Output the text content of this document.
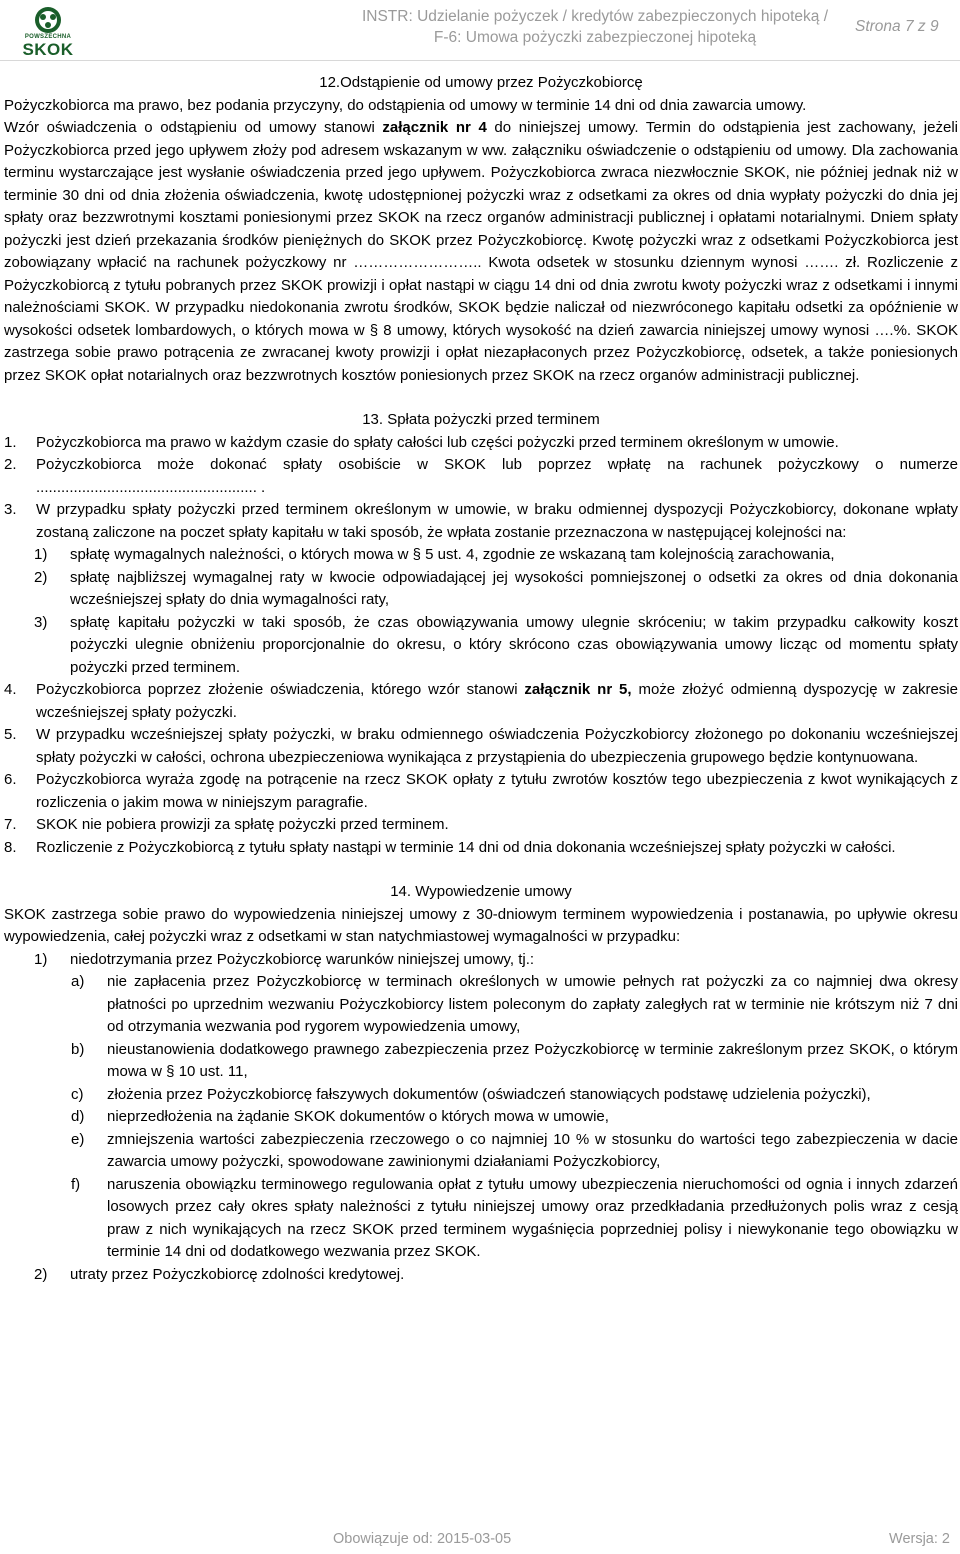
POWSZECHNA
SKOK
INSTR: Udzielanie pożyczek / kredytów zabezpieczonych hipoteką /
F-6: Umowa pożyczki zabezpieczonej hipoteką
Strona 7 z 9

12.Odstąpienie od umowy przez Pożyczkobiorcę

Pożyczkobiorca ma prawo, bez podania przyczyny, do odstąpienia od umowy w terminie 14 dni od dnia zawarcia umowy.

Wzór oświadczenia o odstąpieniu od umowy stanowi załącznik nr 4 do niniejszej umowy. Termin do odstąpienia jest zachowany, jeżeli Pożyczkobiorca przed jego upływem złoży pod adresem wskazanym w ww. załączniku oświadczenie o odstąpieniu od umowy. Dla zachowania terminu wystarczające jest wysłanie oświadczenia przed jego upływem. Pożyczkobiorca zwraca niezwłocznie SKOK, nie później jednak niż w terminie 30 dni od dnia złożenia oświadczenia, kwotę udostępnionej pożyczki wraz z odsetkami za okres od dnia wypłaty pożyczki do dnia jej spłaty oraz bezzwrotnymi kosztami poniesionymi przez SKOK na rzecz organów administracji publicznej i opłatami notarialnymi. Dniem spłaty pożyczki jest dzień przekazania środków pieniężnych do SKOK przez Pożyczkobiorcę. Kwotę pożyczki wraz z odsetkami Pożyczkobiorca jest zobowiązany wpłacić na rachunek pożyczkowy nr …………………….. Kwota odsetek w stosunku dziennym wynosi ……. zł. Rozliczenie z Pożyczkobiorcą z tytułu pobranych przez SKOK prowizji i opłat nastąpi w ciągu 14 dni od dnia zwrotu kwoty pożyczki wraz z odsetkami i innymi należnościami SKOK. W przypadku niedokonania zwrotu środków, SKOK będzie naliczał od niezwróconego kapitału odsetki za opóźnienie w wysokości odsetek lombardowych, o których mowa w § 8 umowy, których wysokość na dzień zawarcia niniejszej umowy wynosi ….%. SKOK zastrzega sobie prawo potrącenia ze zwracanej kwoty prowizji i opłat niezapłaconych przez Pożyczkobiorcę, odsetek, a także poniesionych przez SKOK opłat notarialnych oraz bezzwrotnych kosztów poniesionych przez SKOK na rzecz organów administracji publicznej.

13. Spłata pożyczki przed terminem

1. Pożyczkobiorca ma prawo w każdym czasie do spłaty całości lub części pożyczki przed terminem określonym w umowie.
2. Pożyczkobiorca może dokonać spłaty osobiście w SKOK lub poprzez wpłatę na rachunek pożyczkowy o numerze ..................................................... .
3. W przypadku spłaty pożyczki przed terminem określonym w umowie, w braku odmiennej dyspozycji Pożyczkobiorcy, dokonane wpłaty zostaną zaliczone na poczet spłaty kapitału w taki sposób, że wpłata zostanie przeznaczona w następującej kolejności na:
1) spłatę wymagalnych należności, o których mowa w § 5 ust. 4, zgodnie ze wskazaną tam kolejnością zarachowania,
2) spłatę najbliższej wymagalnej raty w kwocie odpowiadającej jej wysokości pomniejszonej o odsetki za okres od dnia dokonania wcześniejszej spłaty do dnia wymagalności raty,
3) spłatę kapitału pożyczki w taki sposób, że czas obowiązywania umowy ulegnie skróceniu; w takim przypadku całkowity koszt pożyczki ulegnie obniżeniu proporcjonalnie do okresu, o który skrócono czas obowiązywania umowy licząc od momentu spłaty pożyczki przed terminem.
4. Pożyczkobiorca poprzez złożenie oświadczenia, którego wzór stanowi załącznik nr 5, może złożyć odmienną dyspozycję w zakresie wcześniejszej spłaty pożyczki.
5. W przypadku wcześniejszej spłaty pożyczki, w braku odmiennego oświadczenia Pożyczkobiorcy złożonego po dokonaniu wcześniejszej spłaty pożyczki w całości, ochrona ubezpieczeniowa wynikająca z przystąpienia do ubezpieczenia grupowego będzie kontynuowana.
6. Pożyczkobiorca wyraża zgodę na potrącenie na rzecz SKOK opłaty z tytułu zwrotów kosztów tego ubezpieczenia z kwot wynikających z rozliczenia o jakim mowa w niniejszym paragrafie.
7. SKOK nie pobiera prowizji za spłatę pożyczki przed terminem.
8. Rozliczenie z Pożyczkobiorcą z tytułu spłaty nastąpi w terminie 14 dni od dnia dokonania wcześniejszej spłaty pożyczki w całości.

14. Wypowiedzenie umowy

SKOK zastrzega sobie prawo do wypowiedzenia niniejszej umowy z 30-dniowym terminem wypowiedzenia i postanawia, po upływie okresu wypowiedzenia, całej pożyczki wraz z odsetkami w stan natychmiastowej wymagalności w przypadku:

1) niedotrzymania przez Pożyczkobiorcę warunków niniejszej umowy, tj.:
a) nie zapłacenia przez Pożyczkobiorcę w terminach określonych w umowie pełnych rat pożyczki za co najmniej dwa okresy płatności po uprzednim wezwaniu Pożyczkobiorcy listem poleconym do zapłaty zaległych rat w terminie nie krótszym niż 7 dni od otrzymania wezwania pod rygorem wypowiedzenia umowy,
b) nieustanowienia dodatkowego prawnego zabezpieczenia przez Pożyczkobiorcę w terminie zakreślonym przez SKOK, o którym mowa w § 10 ust. 11,
c) złożenia przez Pożyczkobiorcę fałszywych dokumentów (oświadczeń stanowiących podstawę udzielenia pożyczki),
d) nieprzedłożenia na żądanie SKOK dokumentów o których mowa w umowie,
e) zmniejszenia wartości zabezpieczenia rzeczowego o co najmniej 10 % w stosunku do wartości tego zabezpieczenia w dacie zawarcia umowy pożyczki, spowodowane zawinionymi działaniami Pożyczkobiorcy,
f) naruszenia obowiązku terminowego regulowania opłat z tytułu umowy ubezpieczenia nieruchomości od ognia i innych zdarzeń losowych przez cały okres spłaty należności z tytułu niniejszej umowy oraz przedkładania przedłużonych polis wraz z cesją praw z nich wynikających na rzecz SKOK przed terminem wygaśnięcia poprzedniej polisy i niewykonanie tego obowiązku w terminie 14 dni od dodatkowego wezwania przez SKOK.
2) utraty przez Pożyczkobiorcę zdolności kredytowej.
Obowiązuje od: 2015-03-05	Wersja: 2
